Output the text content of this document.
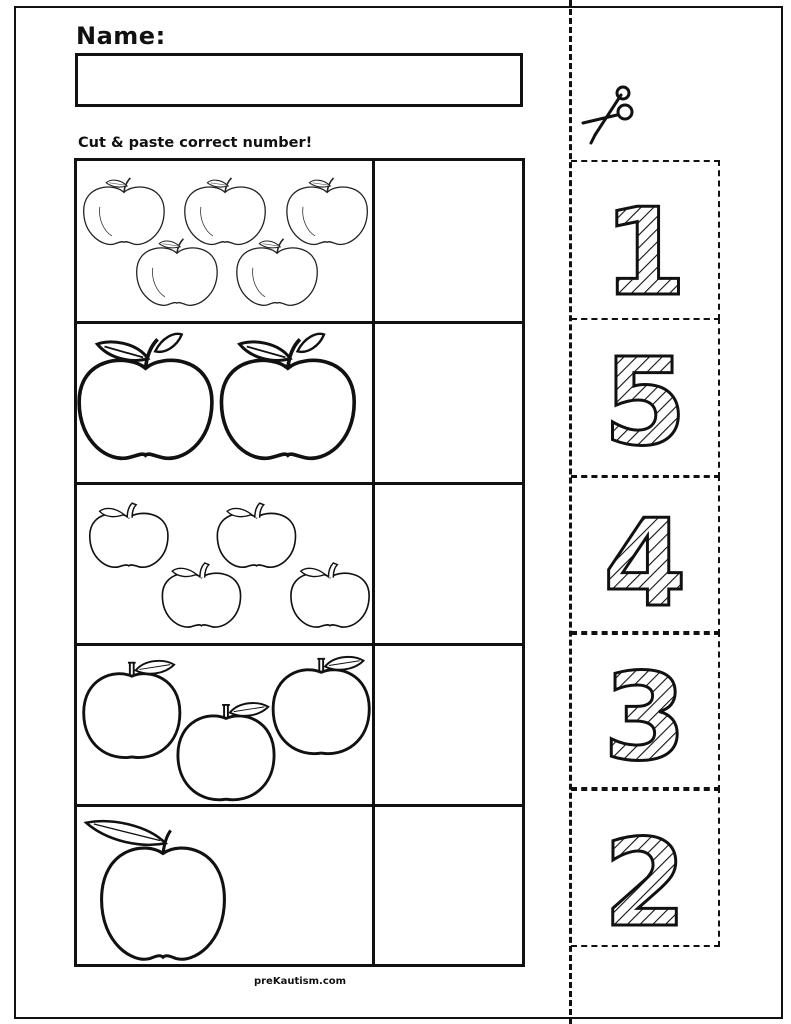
Name:
Cut & paste correct number!
1
5
4
3
2
preKautism.com
